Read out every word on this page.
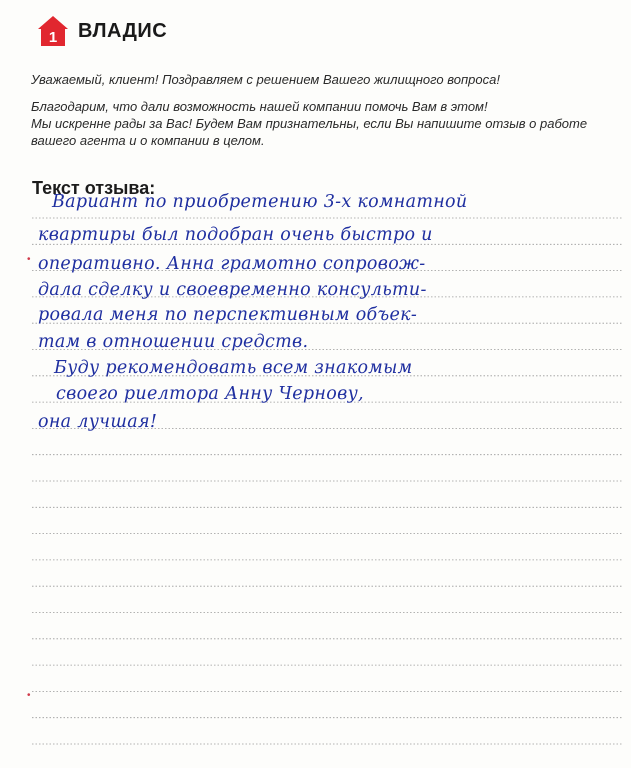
1 ВЛАДИС

Уважаемый, клиент! Поздравляем с решением Вашего жилищного вопроса!

Благодарим, что дали возможность нашей компании помочь Вам в этом!

Мы искренне рады за Вас! Будем Вам признательны, если Вы напишите отзыв о работе

вашего агента и о компании в целом.

Текст отзыва:
Вариант по приобретению 3-х комнатной
квартиры был подобран очень быстро и
оперативно. Анна грамотно сопровож-
дала сделку и своевременно консульти-
ровала меня по перспективным объек-
там в отношении средств.
Буду рекомендовать всем знакомым
своего риелтора Анну Чернову,
она лучшая!
•
•
